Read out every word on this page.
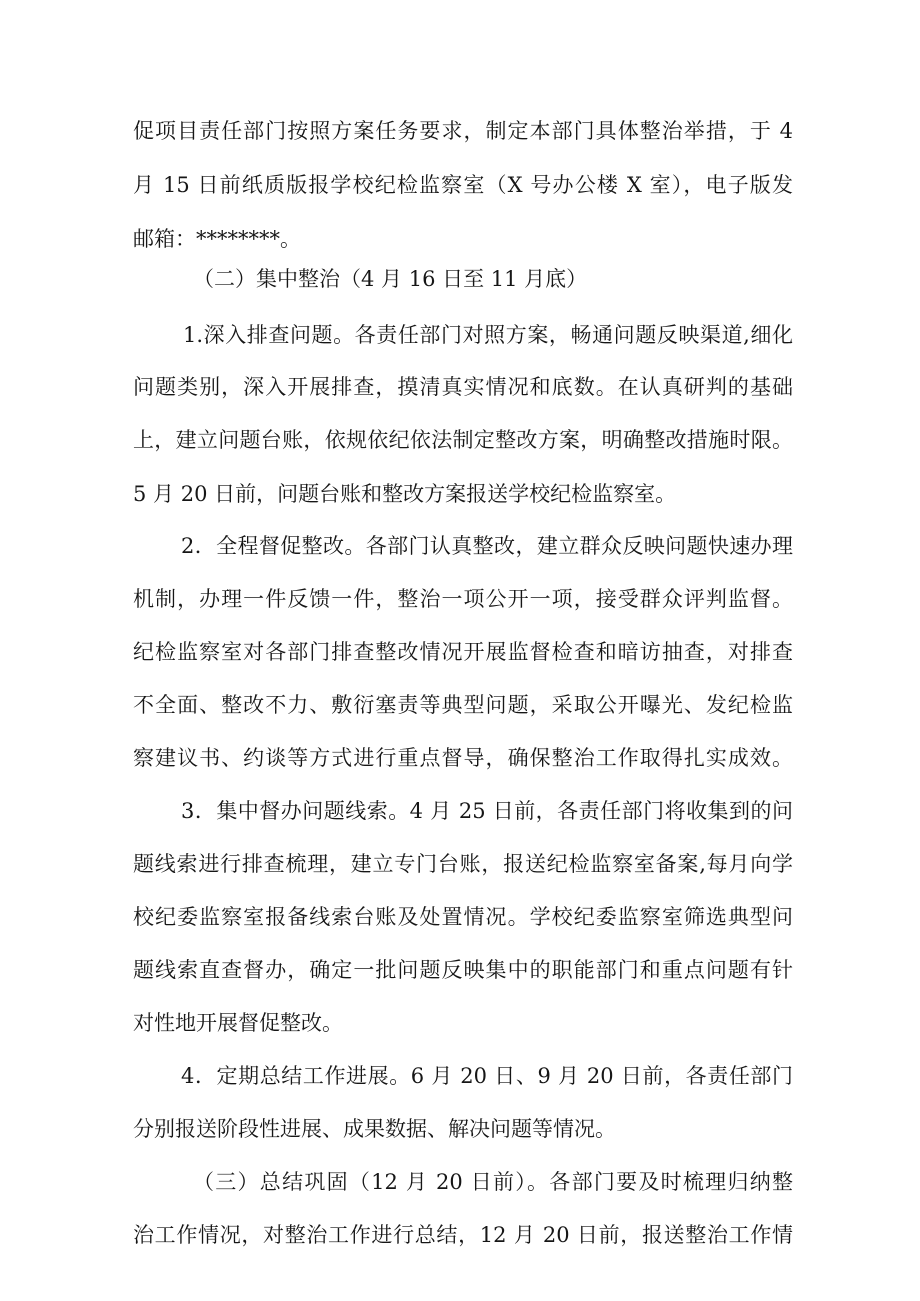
促项目责任部门按照方案任务要求，制定本部门具体整治举措，于 4
月 15 日前纸质版报学校纪检监察室（X 号办公楼 X 室），电子版发
邮箱：********。
（二）集中整治（4 月 16 日至 11 月底）
1.深入排查问题。各责任部门对照方案，畅通问题反映渠道,细化
问题类别，深入开展排查，摸清真实情况和底数。在认真研判的基础
上，建立问题台账，依规依纪依法制定整改方案，明确整改措施时限。
5 月 20 日前，问题台账和整改方案报送学校纪检监察室。
2．全程督促整改。各部门认真整改，建立群众反映问题快速办理
机制，办理一件反馈一件，整治一项公开一项，接受群众评判监督。
纪检监察室对各部门排查整改情况开展监督检查和暗访抽查，对排查
不全面、整改不力、敷衍塞责等典型问题，采取公开曝光、发纪检监
察建议书、约谈等方式进行重点督导，确保整治工作取得扎实成效。
3．集中督办问题线索。4 月 25 日前，各责任部门将收集到的问
题线索进行排查梳理，建立专门台账，报送纪检监察室备案,每月向学
校纪委监察室报备线索台账及处置情况。学校纪委监察室筛选典型问
题线索直查督办，确定一批问题反映集中的职能部门和重点问题有针
对性地开展督促整改。
4．定期总结工作进展。6 月 20 日、9 月 20 日前，各责任部门
分别报送阶段性进展、成果数据、解决问题等情况。
（三）总结巩固（12 月 20 日前）。各部门要及时梳理归纳整
治工作情况，对整治工作进行总结，12 月 20 日前，报送整治工作情
